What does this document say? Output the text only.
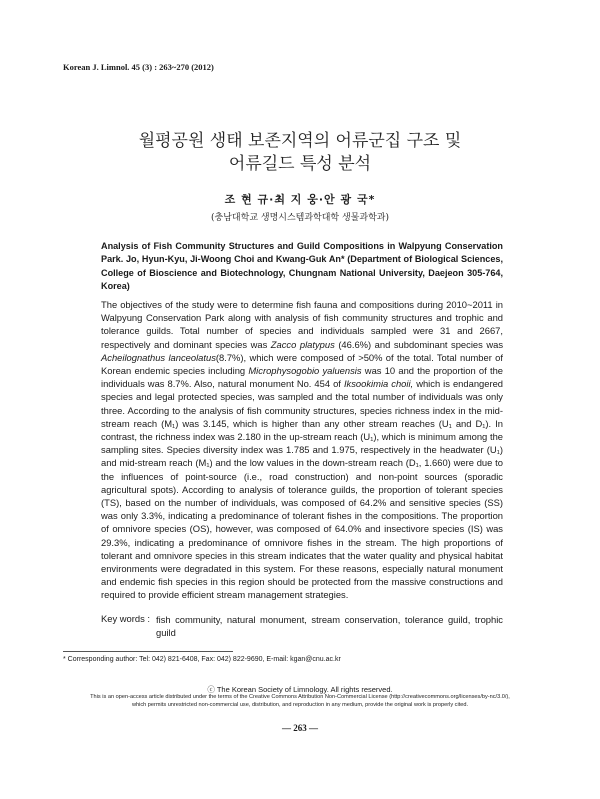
Korean J. Limnol. 45 (3) : 263~270 (2012)
월평공원 생태 보존지역의 어류군집 구조 및
어류길드 특성 분석
조 현 규·최 지 웅·안 광 국*
(충남대학교 생명시스템과학대학 생물과학과)
Analysis of Fish Community Structures and Guild Compositions in Walpyung Conservation Park. Jo, Hyun-Kyu, Ji-Woong Choi and Kwang-Guk An* (Department of Biological Sciences, College of Bioscience and Biotechnology, Chungnam National University, Daejeon 305-764, Korea)
The objectives of the study were to determine fish fauna and compositions during 2010~2011 in Walpyung Conservation Park along with analysis of fish community structures and trophic and tolerance guilds. Total number of species and individuals sampled were 31 and 2667, respectively and dominant species was Zacco platypus (46.6%) and subdominant species was Acheilognathus lanceolatus(8.7%), which were composed of >50% of the total. Total number of Korean endemic species including Microphysogobio yaluensis was 10 and the proportion of the individuals was 8.7%. Also, natural monument No. 454 of Iksookimia choii, which is endangered species and legal protected species, was sampled and the total number of individuals was only three. According to the analysis of fish community structures, species richness index in the mid-stream reach (M₁) was 3.145, which is higher than any other stream reaches (U₁ and D₁). In contrast, the richness index was 2.180 in the up-stream reach (U₁), which is minimum among the sampling sites. Species diversity index was 1.785 and 1.975, respectively in the headwater (U₁) and mid-stream reach (M₁) and the low values in the down-stream reach (D₁, 1.660) were due to the influences of point-source (i.e., road construction) and non-point sources (sporadic agricultural spots). According to analysis of tolerance guilds, the proportion of tolerant species (TS), based on the number of individuals, was composed of 64.2% and sensitive species (SS) was only 3.3%, indicating a predominance of tolerant fishes in the compositions. The proportion of omnivore species (OS), however, was composed of 64.0% and insectivore species (IS) was 29.3%, indicating a predominance of omnivore fishes in the stream. The high proportions of tolerant and omnivore species in this stream indicates that the water quality and physical habitat environments were degradated in this system. For these reasons, especially natural monument and endemic fish species in this region should be protected from the massive constructions and required to provide efficient stream management strategies.
Key words : fish community, natural monument, stream conservation, tolerance guild, trophic guild
* Corresponding author: Tel: 042) 821-6408, Fax: 042) 822-9690, E-mail: kgan@cnu.ac.kr
ⓒ The Korean Society of Limnology. All rights reserved.
This is an open-access article distributed under the terms of the Creative Commons Attribution Non-Commercial License (http://creativecommons.org/licenses/by-nc/3.0/),
which permits unrestricted non-commercial use, distribution, and reproduction in any medium, provide the original work is properly cited.
― 263 ―
